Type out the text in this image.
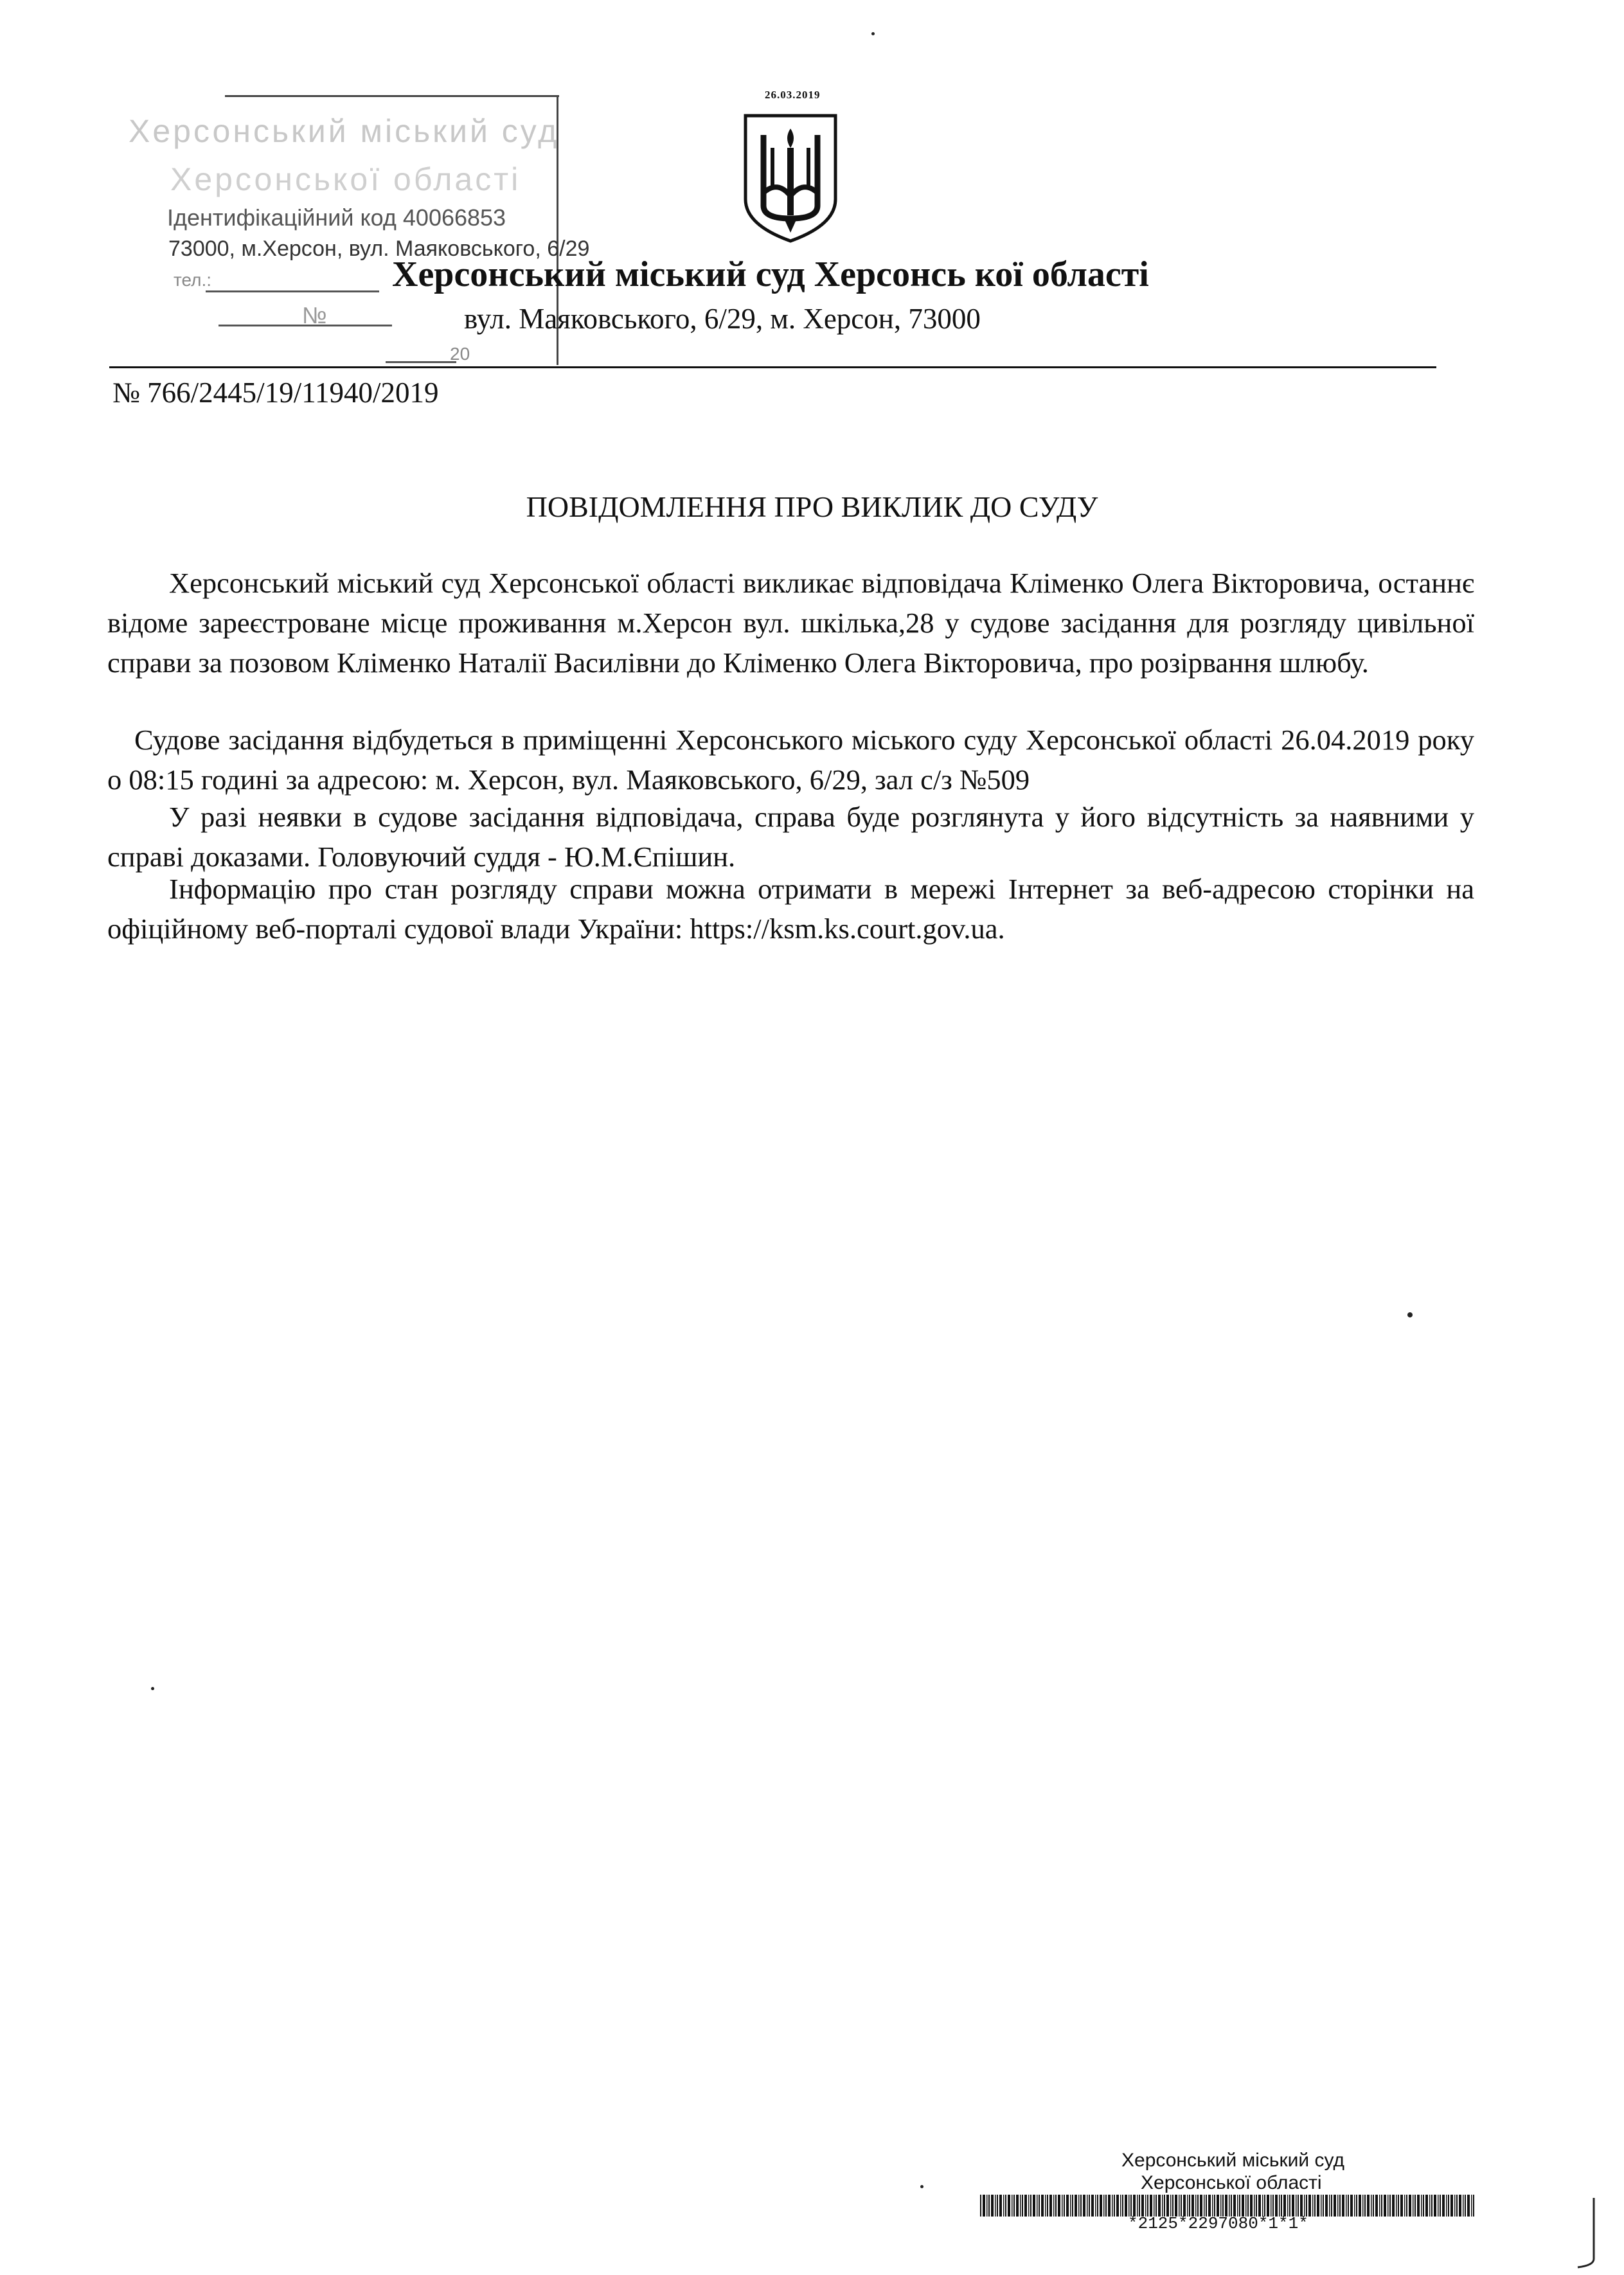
Херсонський міський суд
Херсонської області
Ідентифікаційний код 40066853
73000, м.Херсон, вул. Маяковського, 6/29
тел.:
№
20
26.03.2019
Херсонський міський суд Херсонсь кої області
вул. Маяковського, 6/29, м. Херсон, 73000
№ 766/2445/19/11940/2019
ПОВІДОМЛЕННЯ ПРО ВИКЛИК ДО СУДУ
Херсонський міський суд Херсонської області викликає відповідача Кліменко Олега Вікторовича, останнє відоме зареєстроване місце проживання м.Херсон вул. шкілька,28 у судове засідання для розгляду цивільної справи за позовом Кліменко Наталії Василівни до Кліменко Олега Вікторовича, про розірвання шлюбу.
Судове засідання відбудеться в приміщенні Херсонського міського суду Херсонської області 26.04.2019 року о 08:15 годині за адресою: м. Херсон, вул. Маяковського, 6/29, зал с/з №509
У разі неявки в судове засідання відповідача, справа буде розглянута у його відсутність за наявними у справі доказами. Головуючий суддя - Ю.М.Єпішин.
Інформацію про стан розгляду справи можна отримати в мережі Інтернет за веб-адресою сторінки на офіційному веб-порталі судової влади України: https://ksm.ks.court.gov.ua.
Херсонський міський суд
Херсонської області
*2125*2297080*1*1*
